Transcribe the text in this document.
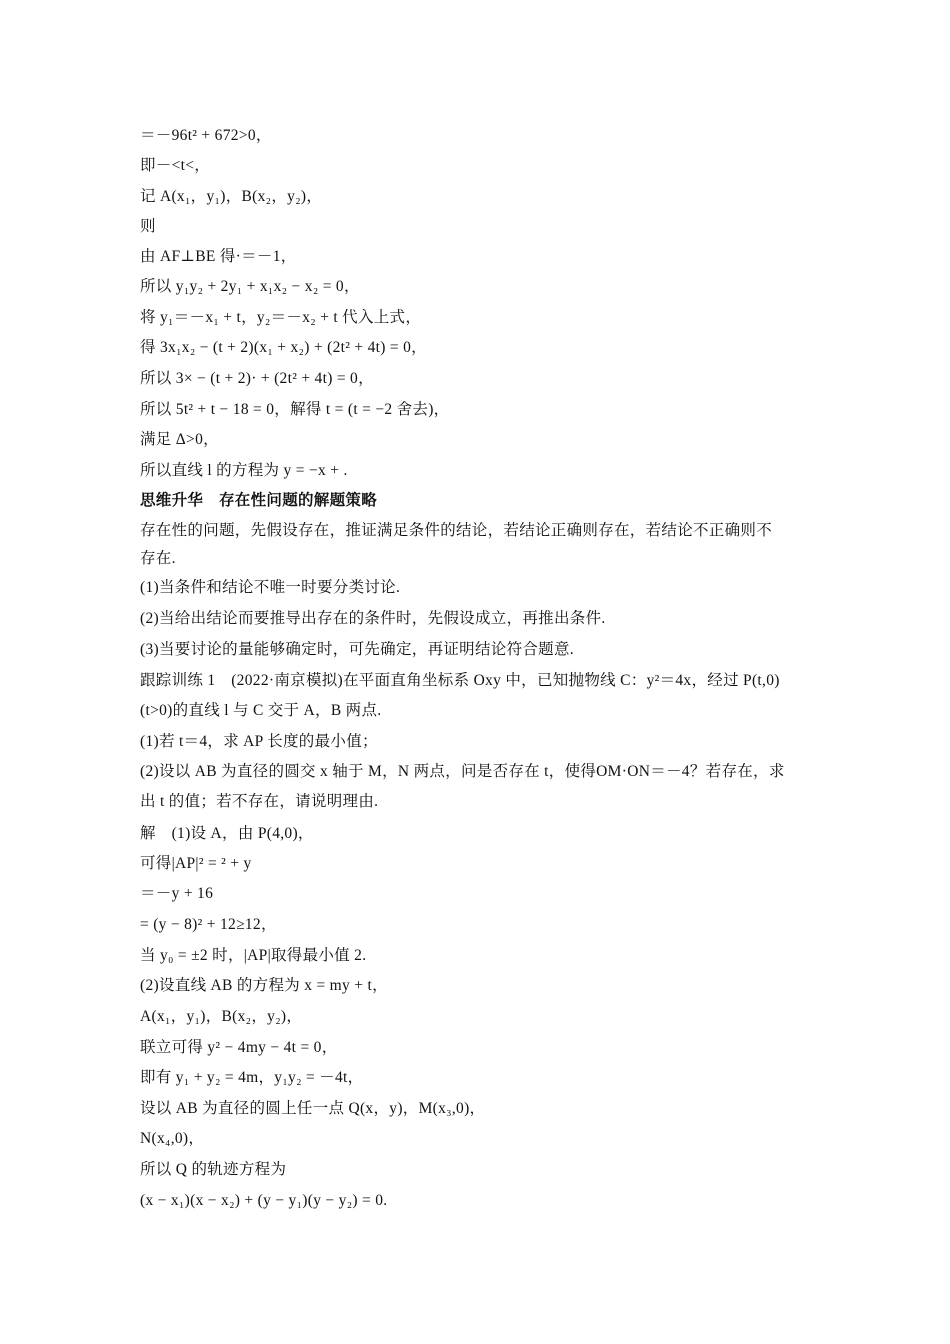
＝－96t² + 672>0，
即－<t<，
记 A(x₁，y₁)，B(x₂，y₂)，
则
由 AF⊥BE 得·＝－1，
所以 y₁y₂ + 2y₁ + x₁x₂ − x₂ = 0，
将 y₁＝－x₁ + t，y₂＝－x₂ + t 代入上式，
得 3x₁x₂ − (t + 2)(x₁ + x₂) + (2t² + 4t) = 0，
所以 3× − (t + 2)· + (2t² + 4t) = 0，
所以 5t² + t − 18 = 0，解得 t = (t = −2 舍去)，
满足 Δ>0，
所以直线 l 的方程为 y = −x + .
思维升华　存在性问题的解题策略
存在性的问题，先假设存在，推证满足条件的结论，若结论正确则存在，若结论不正确则不
存在.
(1)当条件和结论不唯一时要分类讨论.
(2)当给出结论而要推导出存在的条件时，先假设成立，再推出条件.
(3)当要讨论的量能够确定时，可先确定，再证明结论符合题意.
跟踪训练 1　(2022·南京模拟)在平面直角坐标系 Oxy 中，已知抛物线 C：y²＝4x，经过 P(t,0)
(t>0)的直线 l 与 C 交于 A，B 两点.
(1)若 t＝4，求 AP 长度的最小值；
(2)设以 AB 为直径的圆交 x 轴于 M，N 两点，问是否存在 t，使得OM·ON＝－4？若存在，求
出 t 的值；若不存在，请说明理由.
解　(1)设 A，由 P(4,0)，
可得|AP|² = ² + y
＝－y + 16
= (y − 8)² + 12≥12，
当 y₀ = ±2 时，|AP|取得最小值 2.
(2)设直线 AB 的方程为 x = my + t，
A(x₁，y₁)，B(x₂，y₂)，
联立可得 y² − 4my − 4t = 0，
即有 y₁ + y₂ = 4m，y₁y₂ = －4t，
设以 AB 为直径的圆上任一点 Q(x，y)，M(x₃,0)，
N(x₄,0)，
所以 Q 的轨迹方程为
(x − x₁)(x − x₂) + (y − y₁)(y − y₂) = 0.
